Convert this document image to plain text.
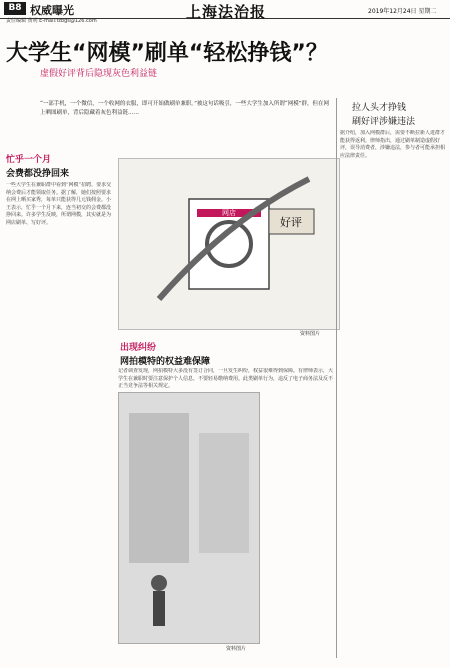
B8 权威曝光	上海法治报	2019年12月24日 星期二
责任编辑 黄明 E-mail:fzbgs@126.com
大学生“网模”刷单“轻松挣钱”？
虚假好评背后隐现灰色利益链
“一部手机，一个微信，一个收网的衣服，即可开始做刷单兼职。”被这句话吸引，一些大学生加入所谓“网模”群，但在网上晒图刷单，背后隐藏着灰色利益链……
忙乎一个月
会费都没挣回来
一些大学生在兼职群中看到“网模”招聘，要求交纳会费后才能领取任务。据了解，她们按照要求在网上晒买家秀，每单只能获得几元钱佣金。小王表示，忙乎一个月下来，连当初交的会费都没挣回来。许多学生反映，所谓网模，其实就是为网店刷单、写好评。	好评
网店
资料图片
出现纠纷
网拍模特的权益难保障
记者调查发现，网拍模特大多没有签订合同，一旦发生纠纷，权益很难得到保障。有律师表示，大学生在兼职时要注意保护个人信息，不要轻易缴纳费用。此类刷单行为，违反了电子商务法及反不正当竞争法等相关规定。
资料图片
拉人头才挣钱
刷好评涉嫌违法
据介绍，加入网模群后，需要不断拉新人进群才能获得返利。律师指出，通过刷单制造虚假好评，误导消费者，涉嫌违法，参与者可能承担相应法律责任。
